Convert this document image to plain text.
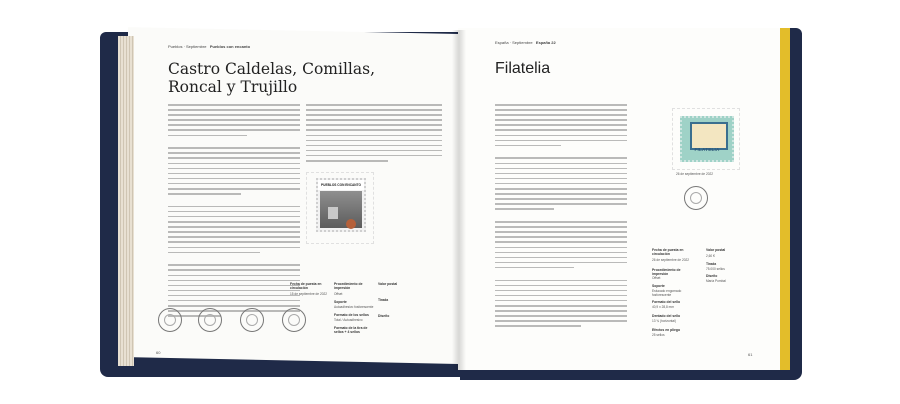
Pueblos · Septiembre Pueblos con encanto
Castro Caldelas, Comillas, Roncal y Trujillo
PUEBLOS CON ENCANTO
Fecha de puesta en circulación
15 de septiembre de 2022
Procedimiento de impresión
Offset
Soporte
Autoadhesivo fosforescente
Formato de los sellos
Total / Autoadhesivo
Formato de la tira de sellos + 4 sellos
Valor postal
Tirada
Diseño
60
España · Septiembre España 22
Filatelia
FILATELIA
26 de septiembre de 2022
Fecha de puesta en circulación
26 de septiembre de 2022
Procedimiento de impresión
Offset
Soporte
Estucado engomado fosforescente
Formato del sello
40,9 x 28,8 mm
Dentado del sello
13 ¾ (horizontal)
Efectos en pliego
25 sellos
Valor postal
2,60 €
Tirada
75.000 sellos
Diseño
María Pombal
61
